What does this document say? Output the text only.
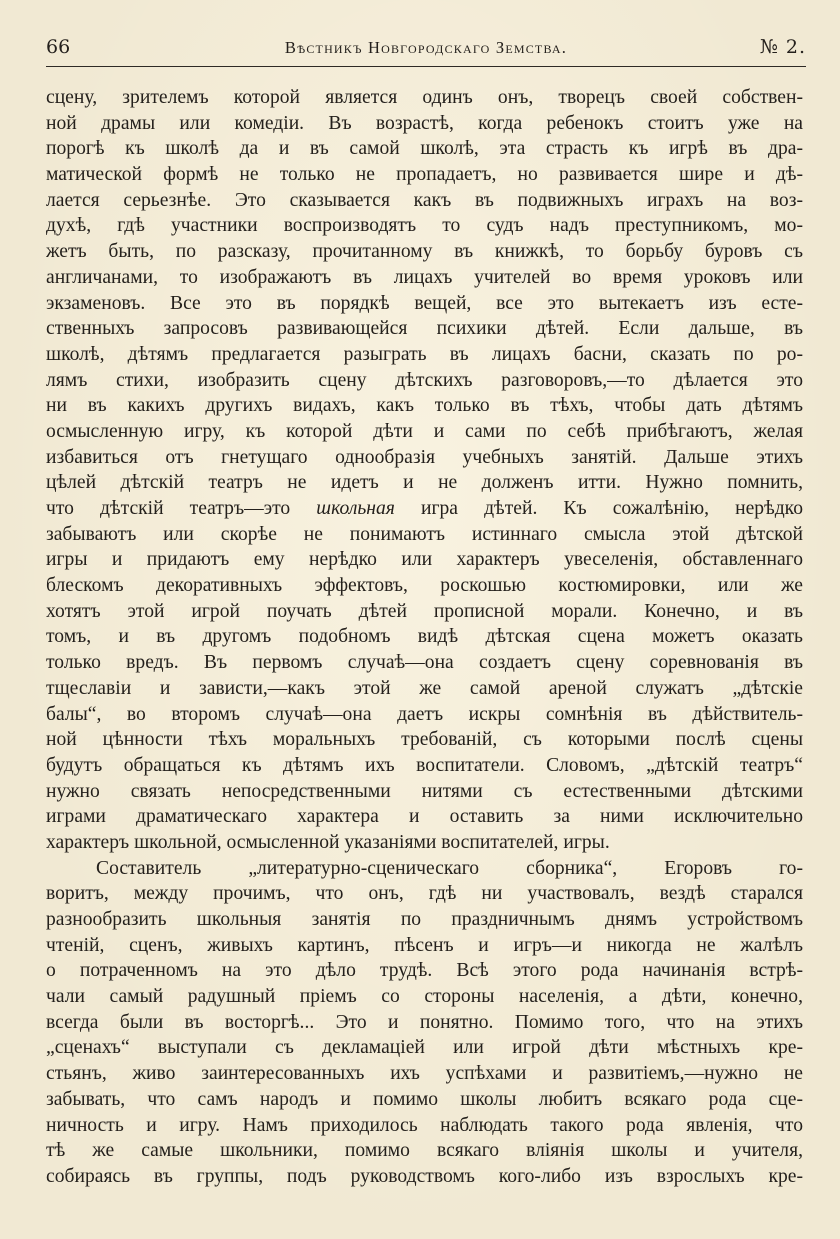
66	Вѣстникъ Новгородскаго Земства.	№ 2.
сцену, зрителемъ которой является одинъ онъ, творецъ своей собствен-
ной драмы или комедіи. Въ возрастѣ, когда ребенокъ стоитъ уже на
порогѣ къ школѣ да и въ самой школѣ, эта страсть къ игрѣ въ дра-
матической формѣ не только не пропадаетъ, но развивается шире и дѣ-
лается серьезнѣе. Это сказывается какъ въ подвижныхъ играхъ на воз-
духѣ, гдѣ участники воспроизводятъ то судъ надъ преступникомъ, мо-
жетъ быть, по разсказу, прочитанному въ книжкѣ, то борьбу буровъ съ
англичанами, то изображаютъ въ лицахъ учителей во время уроковъ или
экзаменовъ. Все это въ порядкѣ вещей, все это вытекаетъ изъ есте-
ственныхъ запросовъ развивающейся психики дѣтей. Если дальше, въ
школѣ, дѣтямъ предлагается разыграть въ лицахъ басни, сказать по ро-
лямъ стихи, изобразить сцену дѣтскихъ разговоровъ,—то дѣлается это
ни въ какихъ другихъ видахъ, какъ только въ тѣхъ, чтобы дать дѣтямъ
осмысленную игру, къ которой дѣти и сами по себѣ прибѣгаютъ, желая
избавиться отъ гнетущаго однообразія учебныхъ занятій. Дальше этихъ
цѣлей дѣтскій театръ не идетъ и не долженъ итти. Нужно помнить,
что дѣтскій театръ—это школьная игра дѣтей. Къ сожалѣнію, нерѣдко
забываютъ или скорѣе не понимаютъ истиннаго смысла этой дѣтской
игры и придаютъ ему нерѣдко или характеръ увеселенія, обставленнаго
блескомъ декоративныхъ эффектовъ, роскошью костюмировки, или же
хотятъ этой игрой поучать дѣтей прописной морали. Конечно, и въ
томъ, и въ другомъ подобномъ видѣ дѣтская сцена можетъ оказать
только вредъ. Въ первомъ случаѣ—она создаетъ сцену соревнованія въ
тщеславіи и зависти,—какъ этой же самой ареной служатъ „дѣтскіе
балы“, во второмъ случаѣ—она даетъ искры сомнѣнія въ дѣйствитель-
ной цѣнности тѣхъ моральныхъ требованій, съ которыми послѣ сцены
будутъ обращаться къ дѣтямъ ихъ воспитатели. Словомъ, „дѣтскій театръ“
нужно связать непосредственными нитями съ естественными дѣтскими
играми драматическаго характера и оставить за ними исключительно
характеръ школьной, осмысленной указаніями воспитателей, игры.
Составитель „литературно-сценическаго сборника“, Егоровъ го-
воритъ, между прочимъ, что онъ, гдѣ ни участвовалъ, вездѣ старался
разнообразить школьныя занятія по праздничнымъ днямъ устройствомъ
чтеній, сценъ, живыхъ картинъ, пѣсенъ и игръ—и никогда не жалѣлъ
о потраченномъ на это дѣло трудѣ. Всѣ этого рода начинанія встрѣ-
чали самый радушный пріемъ со стороны населенія, а дѣти, конечно,
всегда были въ восторгѣ... Это и понятно. Помимо того, что на этихъ
„сценахъ“ выступали съ декламаціей или игрой дѣти мѣстныхъ кре-
стьянъ, живо заинтересованныхъ ихъ успѣхами и развитіемъ,—нужно не
забывать, что самъ народъ и помимо школы любитъ всякаго рода сце-
ничность и игру. Намъ приходилось наблюдать такого рода явленія, что
тѣ же самые школьники, помимо всякаго вліянія школы и учителя,
собираясь въ группы, подъ руководствомъ кого-либо изъ взрослыхъ кре-
